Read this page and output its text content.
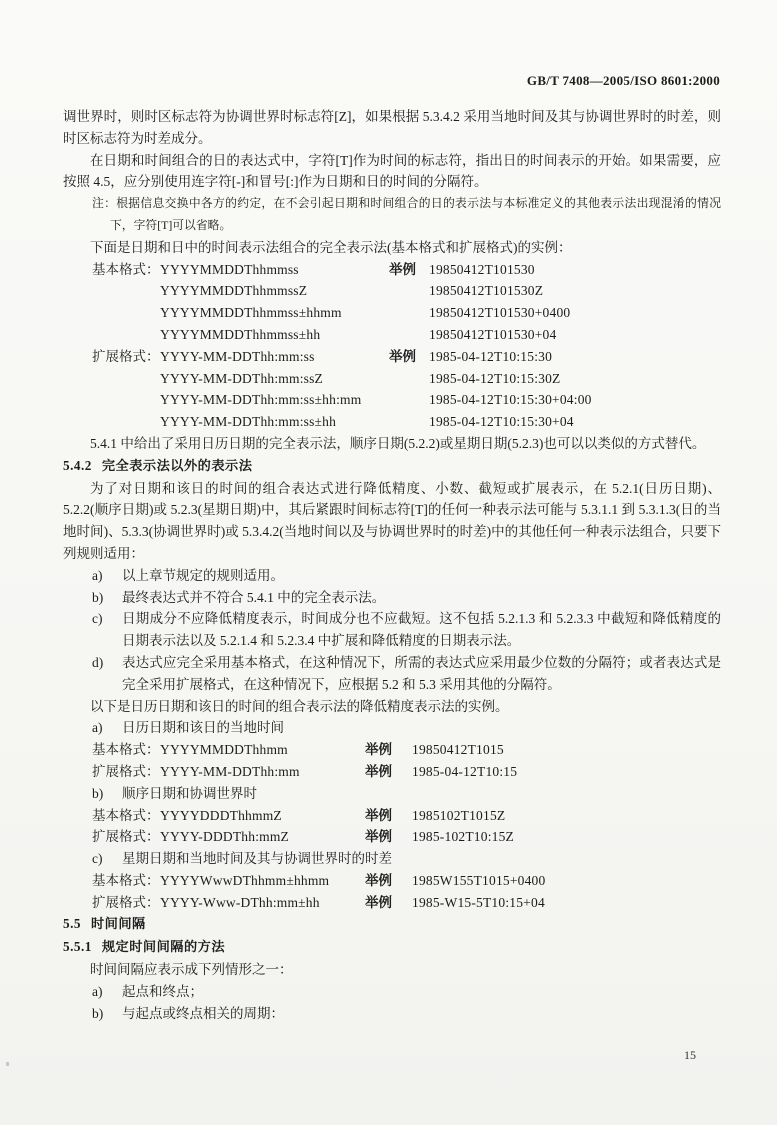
GB/T 7408—2005/ISO 8601:2000

调世界时，则时区标志符为协调世界时标志符[Z]，如果根据 5.3.4.2 采用当地时间及其与协调世界时的时差，则时区标志符为时差成分。

在日期和时间组合的日的表达式中，字符[T]作为时间的标志符，指出日的时间表示的开始。如果需要，应按照 4.5，应分别使用连字符[-]和冒号[:]作为日期和日的时间的分隔符。

注：根据信息交换中各方的约定，在不会引起日期和时间组合的日的表示法与本标准定义的其他表示法出现混淆的情况下，字符[T]可以省略。

下面是日期和日中的时间表示法组合的完全表示法(基本格式和扩展格式)的实例：

基本格式： YYYYMMDDThhmmss	举例 19850412T101530
YYYYMMDDThhmmssZ	19850412T101530Z
YYYYMMDDThhmmss±hhmm	19850412T101530+0400
YYYYMMDDThhmmss±hh	19850412T101530+04
扩展格式： YYYY-MM-DDThh:mm:ss	举例 1985-04-12T10:15:30
YYYY-MM-DDThh:mm:ssZ	1985-04-12T10:15:30Z
YYYY-MM-DDThh:mm:ss±hh:mm	1985-04-12T10:15:30+04:00
YYYY-MM-DDThh:mm:ss±hh	1985-04-12T10:15:30+04

5.4.1 中给出了采用日历日期的完全表示法，顺序日期(5.2.2)或星期日期(5.2.3)也可以以类似的方式替代。

5.4.2 完全表示法以外的表示法

为了对日期和该日的时间的组合表达式进行降低精度、小数、截短或扩展表示，在 5.2.1(日历日期)、5.2.2(顺序日期)或 5.2.3(星期日期)中，其后紧跟时间标志符[T]的任何一种表示法可能与 5.3.1.1 到 5.3.1.3(日的当地时间)、5.3.3(协调世界时)或 5.3.4.2(当地时间以及与协调世界时的时差)中的其他任何一种表示法组合，只要下列规则适用：

a)	以上章节规定的规则适用。
b)	最终表达式并不符合 5.4.1 中的完全表示法。
c)	日期成分不应降低精度表示，时间成分也不应截短。这不包括 5.2.1.3 和 5.2.3.3 中截短和降低精度的日期表示法以及 5.2.1.4 和 5.2.3.4 中扩展和降低精度的日期表示法。
d)	表达式应完全采用基本格式，在这种情况下，所需的表达式应采用最少位数的分隔符；或者表达式是完全采用扩展格式，在这种情况下，应根据 5.2 和 5.3 采用其他的分隔符。

以下是日历日期和该日的时间的组合表示法的降低精度表示法的实例。

a)	日历日期和该日的当地时间
基本格式： YYYYMMDDThhmm	举例	19850412T1015
扩展格式： YYYY-MM-DDThh:mm	举例	1985-04-12T10:15
b)	顺序日期和协调世界时
基本格式： YYYYDDDThhmmZ	举例	1985102T1015Z
扩展格式： YYYY-DDDThh:mmZ	举例	1985-102T10:15Z
c)	星期日期和当地时间及其与协调世界时的时差
基本格式： YYYYWwwDThhmm±hhmm	举例	1985W155T1015+0400
扩展格式： YYYY-Www-DThh:mm±hh	举例	1985-W15-5T10:15+04

5.5 时间间隔

5.5.1 规定时间间隔的方法

时间间隔应表示成下列情形之一：

a)	起点和终点；
b)	与起点或终点相关的周期：
15
